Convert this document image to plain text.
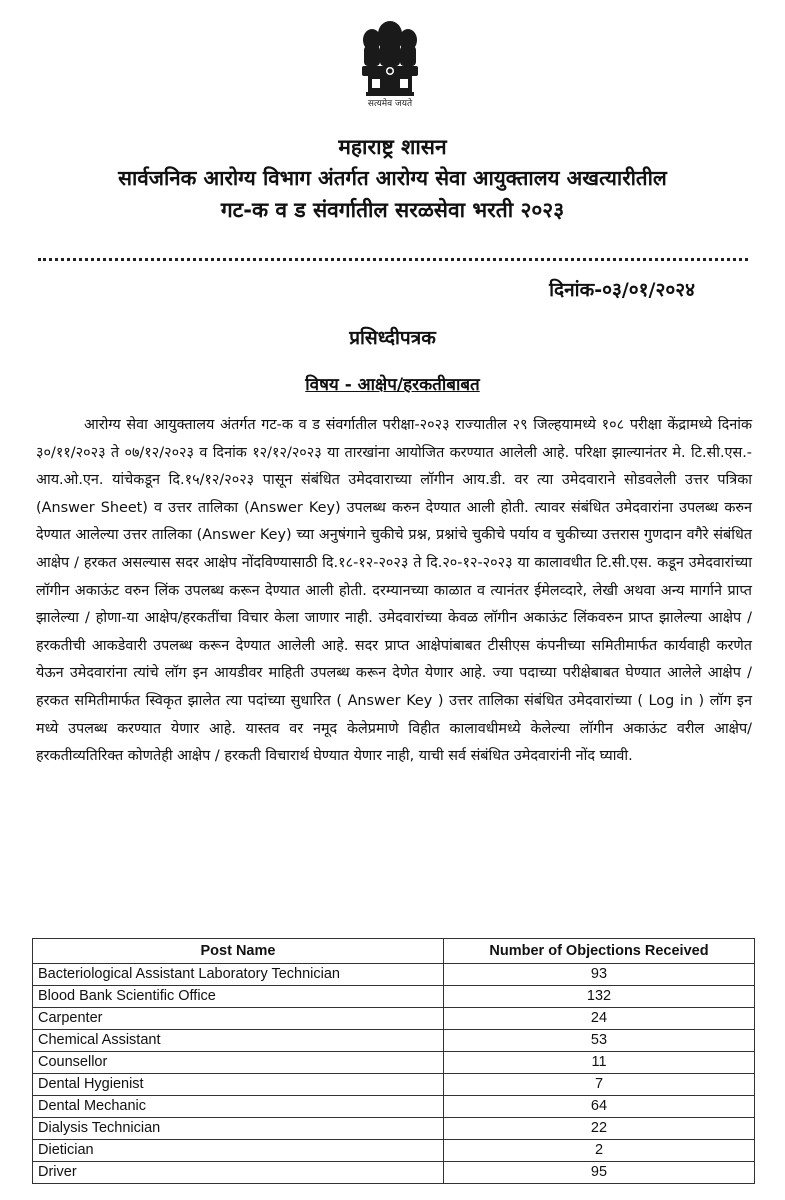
सत्यमेव जयते
महाराष्ट्र शासन
सार्वजनिक आरोग्य विभाग अंतर्गत आरोग्य सेवा आयुक्तालय अखत्यारीतील
गट-क व ड संवर्गातील सरळसेवा भरती २०२३
दिनांक-०३/०१/२०२४
प्रसिध्दीपत्रक
विषय - आक्षेप/हरकतीबाबत
आरोग्य सेवा आयुक्तालय अंतर्गत गट-क व ड संवर्गातील परीक्षा-२०२३ राज्यातील २९ जिल्हयामध्ये १०८ परीक्षा केंद्रामध्ये दिनांक ३०/११/२०२३ ते ०७/१२/२०२३ व दिनांक १२/१२/२०२३ या तारखांना आयोजित करण्यात आलेली आहे. परिक्षा झाल्यानंतर मे. टि.सी.एस.-आय.ओ.एन. यांचेकडून दि.१५/१२/२०२३ पासून संबंधित उमेदवाराच्या लॉगीन आय.डी. वर त्या उमेदवाराने सोडवलेली उत्तर पत्रिका (Answer Sheet) व उत्तर तालिका (Answer Key) उपलब्ध करुन देण्यात आली होती. त्यावर संबंधित उमेदवारांना उपलब्ध करुन देण्यात आलेल्या उत्तर तालिका (Answer Key) च्या अनुषंगाने चुकीचे प्रश्न, प्रश्नांचे चुकीचे पर्याय व चुकीच्या उत्तरास गुणदान वगैरे संबंधित आक्षेप / हरकत असल्यास सदर आक्षेप नोंदविण्यासाठी दि.१८-१२-२०२३ ते दि.२०-१२-२०२३ या कालावधीत टि.सी.एस. कडून उमेदवारांच्या लॉगीन अकाऊंट वरुन लिंक उपलब्ध करून देण्यात आली होती. दरम्यानच्या काळात व त्यानंतर ईमेलव्दारे, लेखी अथवा अन्य मार्गाने प्राप्त झालेल्या / होणा-या आक्षेप/हरकतींचा विचार केला जाणार नाही. उमेदवारांच्या केवळ लॉगीन अकाऊंट लिंकवरुन प्राप्त झालेल्या आक्षेप / हरकतीची आकडेवारी उपलब्ध करून देण्यात आलेली आहे. सदर प्राप्त आक्षेपांबाबत टीसीएस कंपनीच्या समितीमार्फत कार्यवाही करणेत येऊन उमेदवारांना त्यांचे लॉग इन आयडीवर माहिती उपलब्ध करून देणेत येणार आहे. ज्या पदाच्या परीक्षेबाबत घेण्यात आलेले आक्षेप / हरकत समितीमार्फत स्विकृत झालेत त्या पदांच्या सुधारित ( Answer Key ) उत्तर तालिका संबंधित उमेदवारांच्या ( Log in ) लॉग इन मध्ये उपलब्ध करण्यात येणार आहे. यास्तव वर नमूद केलेप्रमाणे विहीत कालावधीमध्ये केलेल्या लॉगीन अकाऊंट वरील आक्षेप/हरकतीव्यतिरिक्त कोणतेही आक्षेप / हरकती विचारार्थ घेण्यात येणार नाही, याची सर्व संबंधित उमेदवारांनी नोंद घ्यावी.
Post Name	Number of Objections Received
Bacteriological Assistant Laboratory Technician	93
Blood Bank Scientific Office	132
Carpenter	24
Chemical Assistant	53
Counsellor	11
Dental Hygienist	7
Dental Mechanic	64
Dialysis Technician	22
Dietician	2
Driver	95
